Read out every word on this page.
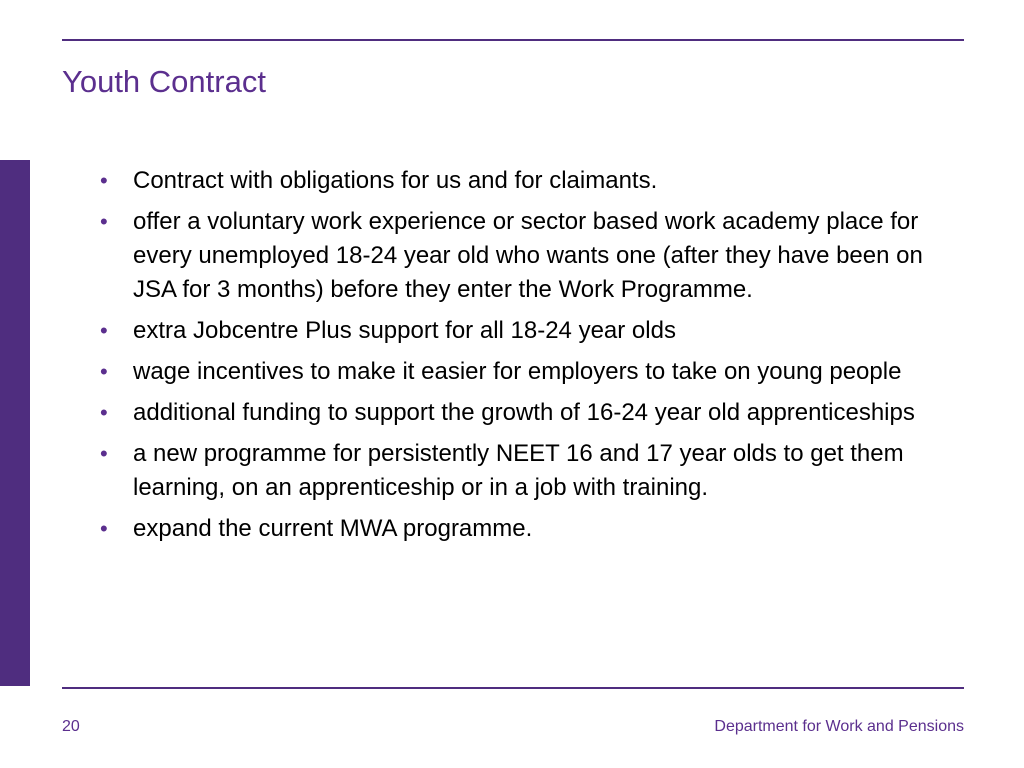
Youth Contract
• Contract with obligations for us and for claimants.
• offer a voluntary work experience or sector based work academy place for every unemployed 18-24 year old who wants one (after they have been on JSA for 3 months) before they enter the Work Programme.
• extra Jobcentre Plus support for all 18-24 year olds
• wage incentives to make it easier for employers to take on young people
• additional funding to support the growth of 16-24 year old apprenticeships
• a new programme for persistently NEET 16 and 17 year olds to get them learning, on an apprenticeship or in a job with training.
• expand the current MWA programme.
20	Department for Work and Pensions
